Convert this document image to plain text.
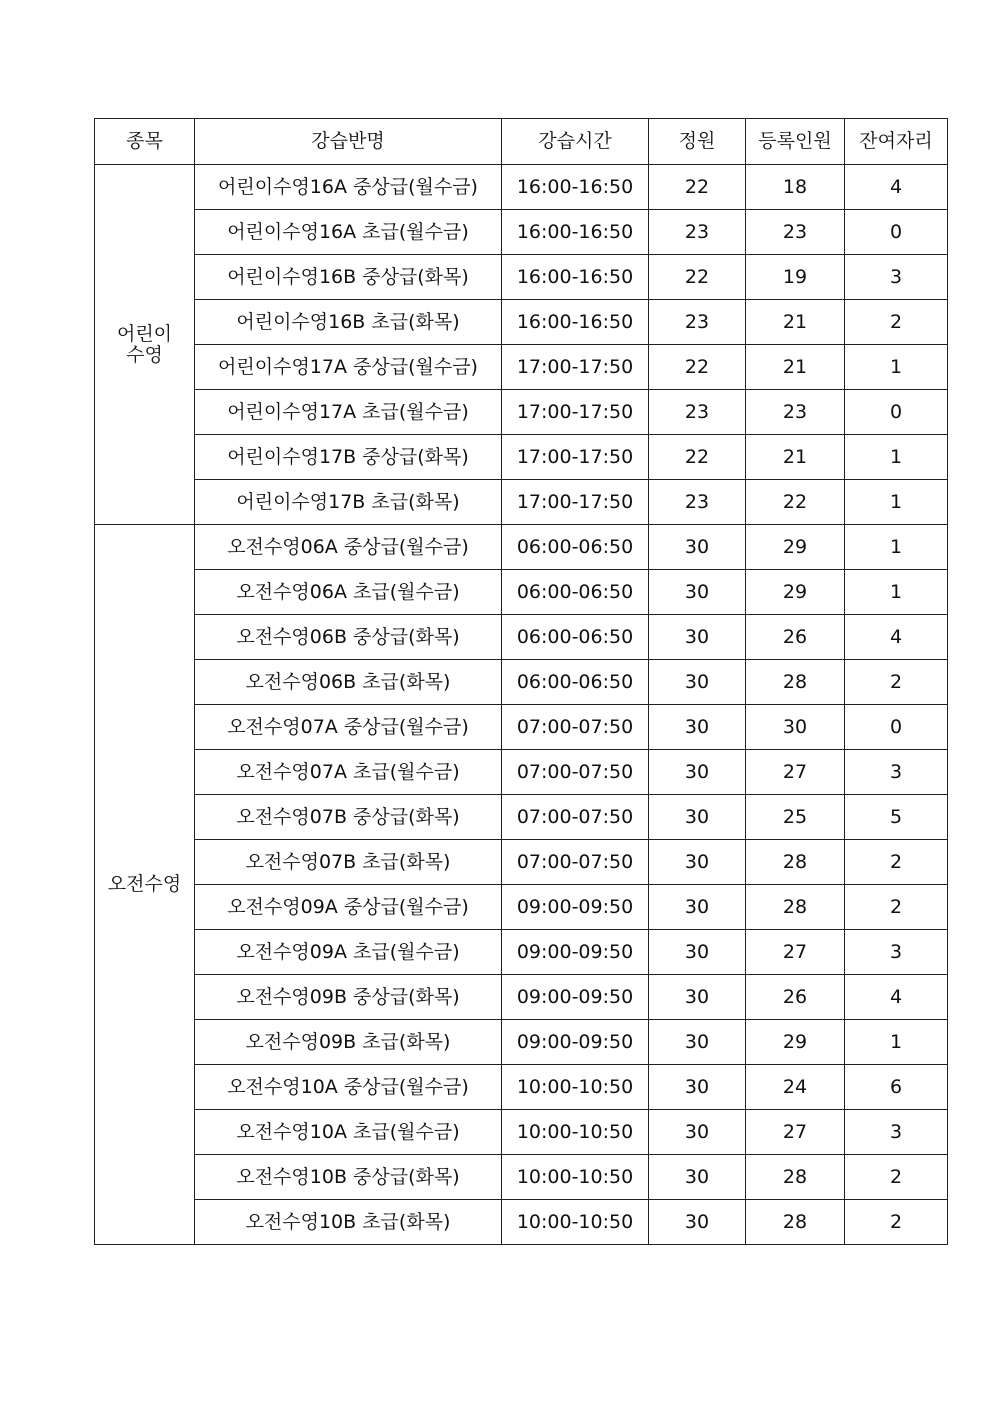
종목	강습반명	강습시간	정원	등록인원	잔여자리
어린이
수영	어린이수영16A 중상급(월수금)	16:00-16:50	22	18	4
	어린이수영16A 초급(월수금)	16:00-16:50	23	23	0
	어린이수영16B 중상급(화목)	16:00-16:50	22	19	3
	어린이수영16B 초급(화목)	16:00-16:50	23	21	2
	어린이수영17A 중상급(월수금)	17:00-17:50	22	21	1
	어린이수영17A 초급(월수금)	17:00-17:50	23	23	0
	어린이수영17B 중상급(화목)	17:00-17:50	22	21	1
	어린이수영17B 초급(화목)	17:00-17:50	23	22	1
오전수영	오전수영06A 중상급(월수금)	06:00-06:50	30	29	1
	오전수영06A 초급(월수금)	06:00-06:50	30	29	1
	오전수영06B 중상급(화목)	06:00-06:50	30	26	4
	오전수영06B 초급(화목)	06:00-06:50	30	28	2
	오전수영07A 중상급(월수금)	07:00-07:50	30	30	0
	오전수영07A 초급(월수금)	07:00-07:50	30	27	3
	오전수영07B 중상급(화목)	07:00-07:50	30	25	5
	오전수영07B 초급(화목)	07:00-07:50	30	28	2
	오전수영09A 중상급(월수금)	09:00-09:50	30	28	2
	오전수영09A 초급(월수금)	09:00-09:50	30	27	3
	오전수영09B 중상급(화목)	09:00-09:50	30	26	4
	오전수영09B 초급(화목)	09:00-09:50	30	29	1
	오전수영10A 중상급(월수금)	10:00-10:50	30	24	6
	오전수영10A 초급(월수금)	10:00-10:50	30	27	3
	오전수영10B 중상급(화목)	10:00-10:50	30	28	2
	오전수영10B 초급(화목)	10:00-10:50	30	28	2
